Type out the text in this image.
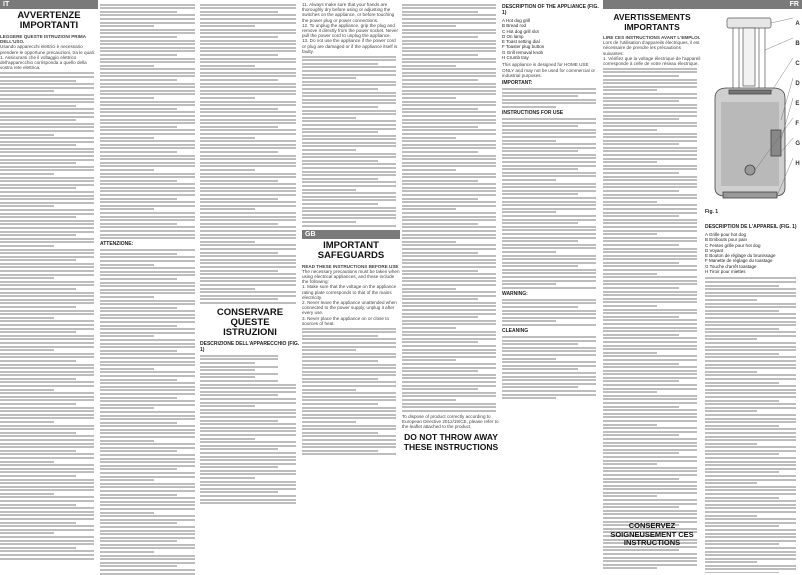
IT
AVVERTENZE
IMPORTANTI
LEGGERE QUESTE ISTRUZIONI PRIMA DELL'USO.
Usando apparecchi elettrici è necessario prendere le opportune precauzioni, tra le quali:
1. Assicurarsi che il voltaggio elettrico dell'apparecchio corrisponda a quello della vostra rete elettrica.
ATTENZIONE:
CONSERVARE QUESTE
ISTRUZIONI
DESCRIZIONE DELL'APPARECCHIO (FIG. 1)
11. Always make sure that your hands are thoroughly dry before using or adjusting the switches on the appliance, or before touching the power plug or power connections.
12. To unplug the appliance, grip the plug and remove it directly from the power socket. Never pull the power cord to unplug the appliance.
13. Do not use the appliance if the power cord or plug are damaged or if the appliance itself is faulty.
GB
IMPORTANT
SAFEGUARDS
READ THESE INSTRUCTIONS BEFORE USE
The necessary precautions must be taken when using electrical appliances, and these include the following:
1. Make sure that the voltage on the appliance rating plate corresponds to that of the mains electricity.
2. Never leave the appliance unattended when connected to the power supply, unplug it after every use.
3. Never place the appliance on or close to sources of heat.
To dispose of product correctly according to European Directive 2012/19/CE, please refer to the leaflet attached to the product.
DO NOT THROW AWAY
THESE INSTRUCTIONS
DESCRIPTION OF THE APPLIANCE (FIG. 1)
A Hot dog grill
B Bread rod
C Hot dog grill slot
D On lamp
E Toast setting dial
F Toaster plug button
G Grill removal knob
H Crumb tray
This appliance is designed for HOME USE ONLY and may not be used for commercial or industrial purposes.
IMPORTANT:
INSTRUCTIONS FOR USE
WARNING:
CLEANING
FR
AVERTISSEMENTS
IMPORTANTS
LIRE CES INSTRUCTIONS AVANT L'EMPLOI.
Lors de l'utilisation d'appareils électriques, il est nécessaire de prendre les précautions suivantes:
1. Vérifiez que la voltage électrique de l'appareil corresponde à celle de votre réseau électrique.
A
B
C
D
E
F
G
H
Fig. 1
DESCRIPTION DE L'APPAREIL (FIG. 1)
A Grille pour hot dog
B Embouts pour pain
C Fentes grille pour hot dog
D Voyant
E Bouton de réglage du brunissage
F Manette de réglage du toastage
G Touche d'arrêt toastage
H Tiroir pour miettes
CONSERVEZ
SOIGNEUSEMENT CES
INSTRUCTIONS
